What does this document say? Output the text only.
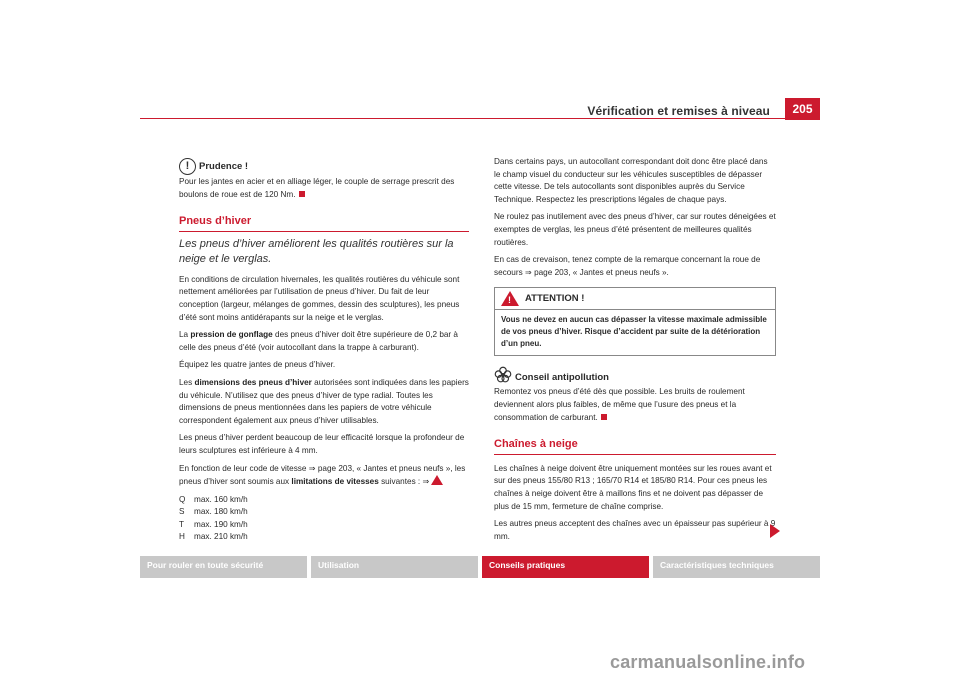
Vérification et remises à niveau	205
!	Prudence !

Pour les jantes en acier et en alliage léger, le couple de serrage prescrit des boulons de roue est de 120 Nm.

Pneus d’hiver
Les pneus d’hiver améliorent les qualités routières sur la neige et le verglas.

En conditions de circulation hivernales, les qualités routières du véhicule sont nettement améliorées par l’utilisation de pneus d’hiver. Du fait de leur conception (largeur, mélanges de gommes, dessin des sculptures), les pneus d’été sont moins antidérapants sur la neige et le verglas.

La pression de gonflage des pneus d’hiver doit être supérieure de 0,2 bar à celle des pneus d’été (voir autocollant dans la trappe à carburant).

Équipez les quatre jantes de pneus d’hiver.

Les dimensions des pneus d’hiver autorisées sont indiquées dans les papiers du véhicule. N’utilisez que des pneus d’hiver de type radial. Toutes les dimensions de pneus mentionnées dans les papiers de votre véhicule correspondent également aux pneus d’hiver utilisables.

Les pneus d’hiver perdent beaucoup de leur efficacité lorsque la profondeur de leurs sculptures est inférieure à 4 mm.

En fonction de leur code de vitesse ⇒ page 203, « Jantes et pneus neufs », les pneus d’hiver sont soumis aux limitations de vitesses suivantes : ⇒

Q	max. 160 km/h
S	max. 180 km/h
T	max. 190 km/h
H	max. 210 km/h

Dans certains pays, un autocollant correspondant doit donc être placé dans le champ visuel du conducteur sur les véhicules susceptibles de dépasser cette vitesse. De tels autocollants sont disponibles auprès du Service Technique. Respectez les prescriptions légales de chaque pays.

Ne roulez pas inutilement avec des pneus d’hiver, car sur routes déneigées et exemptes de verglas, les pneus d’été présentent de meilleures qualités routières.

En cas de crevaison, tenez compte de la remarque concernant la roue de secours ⇒ page 203, « Jantes et pneus neufs ».

! ATTENTION !
Vous ne devez en aucun cas dépasser la vitesse maximale admissible de vos pneus d’hiver. Risque d’accident par suite de la détérioration d’un pneu.
Conseil antipollution

Remontez vos pneus d’été dès que possible. Les bruits de roulement deviennent alors plus faibles, de même que l’usure des pneus et la consommation de carburant.

Chaînes à neige

Les chaînes à neige doivent être uniquement montées sur les roues avant et sur des pneus 155/80 R13 ; 165/70 R14 et 185/80 R14. Pour ces pneus les chaînes à neige doivent être à maillons fins et ne doivent pas dépasser de plus de 15 mm, fermeture de chaîne comprise.

Les autres pneus acceptent des chaînes avec un épaisseur pas supérieur à 9 mm.

Pour rouler en toute sécurité	Utilisation	Conseils pratiques	Caractéristiques techniques
carmanualsonline.info
